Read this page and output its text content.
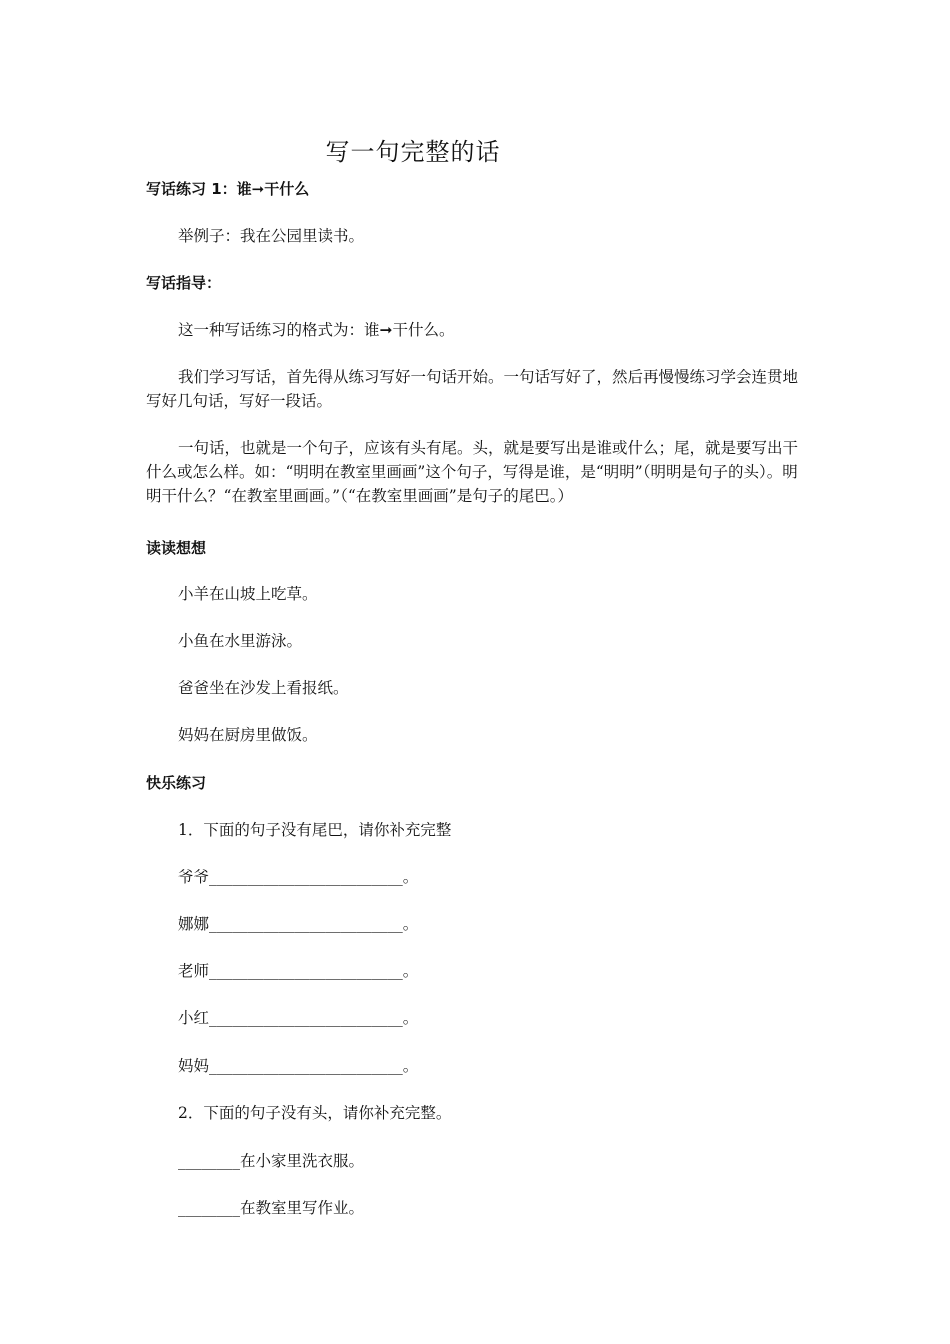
写一句完整的话
写话练习 1：谁➞干什么
举例子：我在公园里读书。
写话指导：

这一种写话练习的格式为：谁➞干什么。

我们学习写话，首先得从练习写好一句话开始。一句话写好了，然后再慢慢练习学会连贯地写好几句话，写好一段话。

一句话，也就是一个句子，应该有头有尾。头，就是要写出是谁或什么；尾，就是要写出干什么或怎么样。如：“明明在教室里画画”这个句子，写得是谁，是“明明”（明明是句子的头）。明明干什么？“在教室里画画。”（“在教室里画画”是句子的尾巴。）

读读想想
小羊在山坡上吃草。
小鱼在水里游泳。
爸爸坐在沙发上看报纸。
妈妈在厨房里做饭。
快乐练习
1．下面的句子没有尾巴，请你补充完整
爷爷_________________________。
娜娜_________________________。
老师_________________________。
小红_________________________。
妈妈_________________________。
2．下面的句子没有头，请你补充完整。
________在小家里洗衣服。
________在教室里写作业。
